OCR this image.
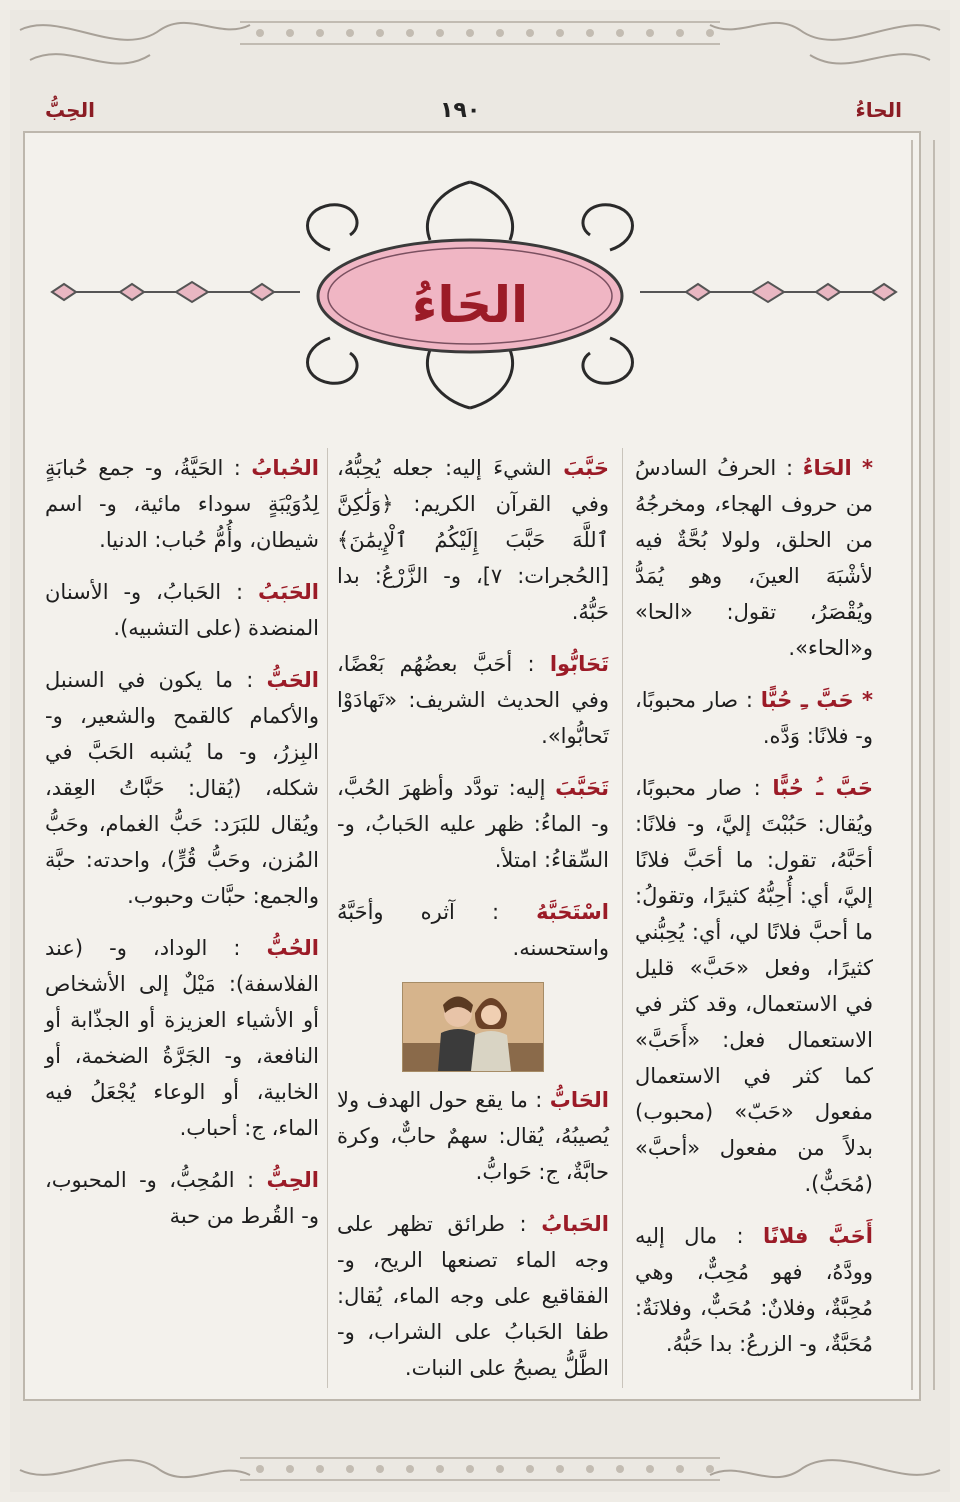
الحاءُ
١٩٠
الحِبُّ
الحَاءُ
* الحَاءُ : الحرفُ السادسُ من حروف الهجاء، ومخرجُهُ من الحلق، ولولا بُحَّةٌ فيه لأشْبَهَ العينَ، وهو يُمَدُّ ويُقْصَرُ، تقول: «الحا» و«الحاء».
* حَبَّ ـِ حُبًّا : صار محبوبًا، و- فلانًا: وَدَّه.
حَبَّ ـُ حُبًّا : صار محبوبًا، ويُقال: حَبُبْتَ إليَّ، و- فلانًا: أحَبَّهُ، تقول: ما أحَبَّ فلانًا إليَّ، أي: أُحِبُّهُ كثيرًا، وتقولُ: ما أحبَّ فلانًا لي، أي: يُحِبُّني كثيرًا، وفعل «حَبَّ» قليل في الاستعمال، وقد كثر في الاستعمال فعل: «أَحَبَّ» كما كثر في الاستعمال مفعول «حَبّ» (محبوب) بدلاً من مفعول «أحبَّ» (مُحَبٌّ).
أَحَبَّ فلانًا : مال إليه وودَّهُ، فهو مُحِبٌّ، وهي مُحِبَّةٌ، وفلانٌ: مُحَبٌّ، وفلانَةٌ: مُحَبَّةٌ، و- الزرعُ: بدا حَبُّهُ.
حَبَّبَ الشيءَ إليه: جعله يُحِبُّهُ، وفي القرآن الكريم: ﴿وَلَٰكِنَّ ٱللَّهَ حَبَّبَ إِلَيْكُمُ ٱلْإِيمَٰنَ﴾ [الحُجرات: ٧]، و- الزَّرْعُ: بدا حَبُّهُ.
تَحَابُّوا : أحَبَّ بعضُهُم بَعْضًا، وفي الحديث الشريف: «تَهادَوْا تَحابُّوا».
تَحَبَّبَ إليه: تودَّد وأظهرَ الحُبَّ، و- الماءُ: ظهر عليه الحَبابُ، و- السِّقاءُ: امتلأ.
اسْتَحَبَّهُ : آثره وأحَبَّهُ واستحسنه.
الحَابُّ : ما يقع حول الهدف ولا يُصيبُهُ، يُقال: سهمٌ حابٌّ، وكرة حابَّةٌ، ج: حَوابُّ.
الحَبابُ : طرائق تظهر على وجه الماء تصنعها الريح، و- الفقاقيع على وجه الماء، يُقال: طفا الحَبابُ على الشراب، و- الطَّلُّ يصبحُ على النبات.
الحُبابُ : الحَيَّةُ، و- جمع حُبابَةٍ لِدُوَيْبَةٍ سوداء مائية، و- اسم شيطان، وأُمُّ حُباب: الدنيا.
الحَبَبُ : الحَبابُ، و- الأسنان المنضدة (على التشبيه).
الحَبُّ : ما يكون في السنبل والأكمام كالقمح والشعير، و- البِزرُ، و- ما يُشبه الحَبَّ في شكله، (يُقال: حَبَّاتُ العِقد، ويُقال للبَرَد: حَبُّ الغمام، وحَبُّ المُزن، وحَبُّ قُرٍّ)، واحدته: حبَّة والجمع: حبَّات وحبوب.
الحُبُّ : الوداد، و- (عند الفلاسفة): مَيْلٌ إلى الأشخاص أو الأشياء العزيزة أو الجذّابة أو النافعة، و- الجَرَّةُ الضخمة، أو الخابية، أو الوعاء يُجْعَلُ فيه الماء، ج: أحباب.
الحِبُّ : المُحِبُّ، و- المحبوب، و- القُرط من حبة
